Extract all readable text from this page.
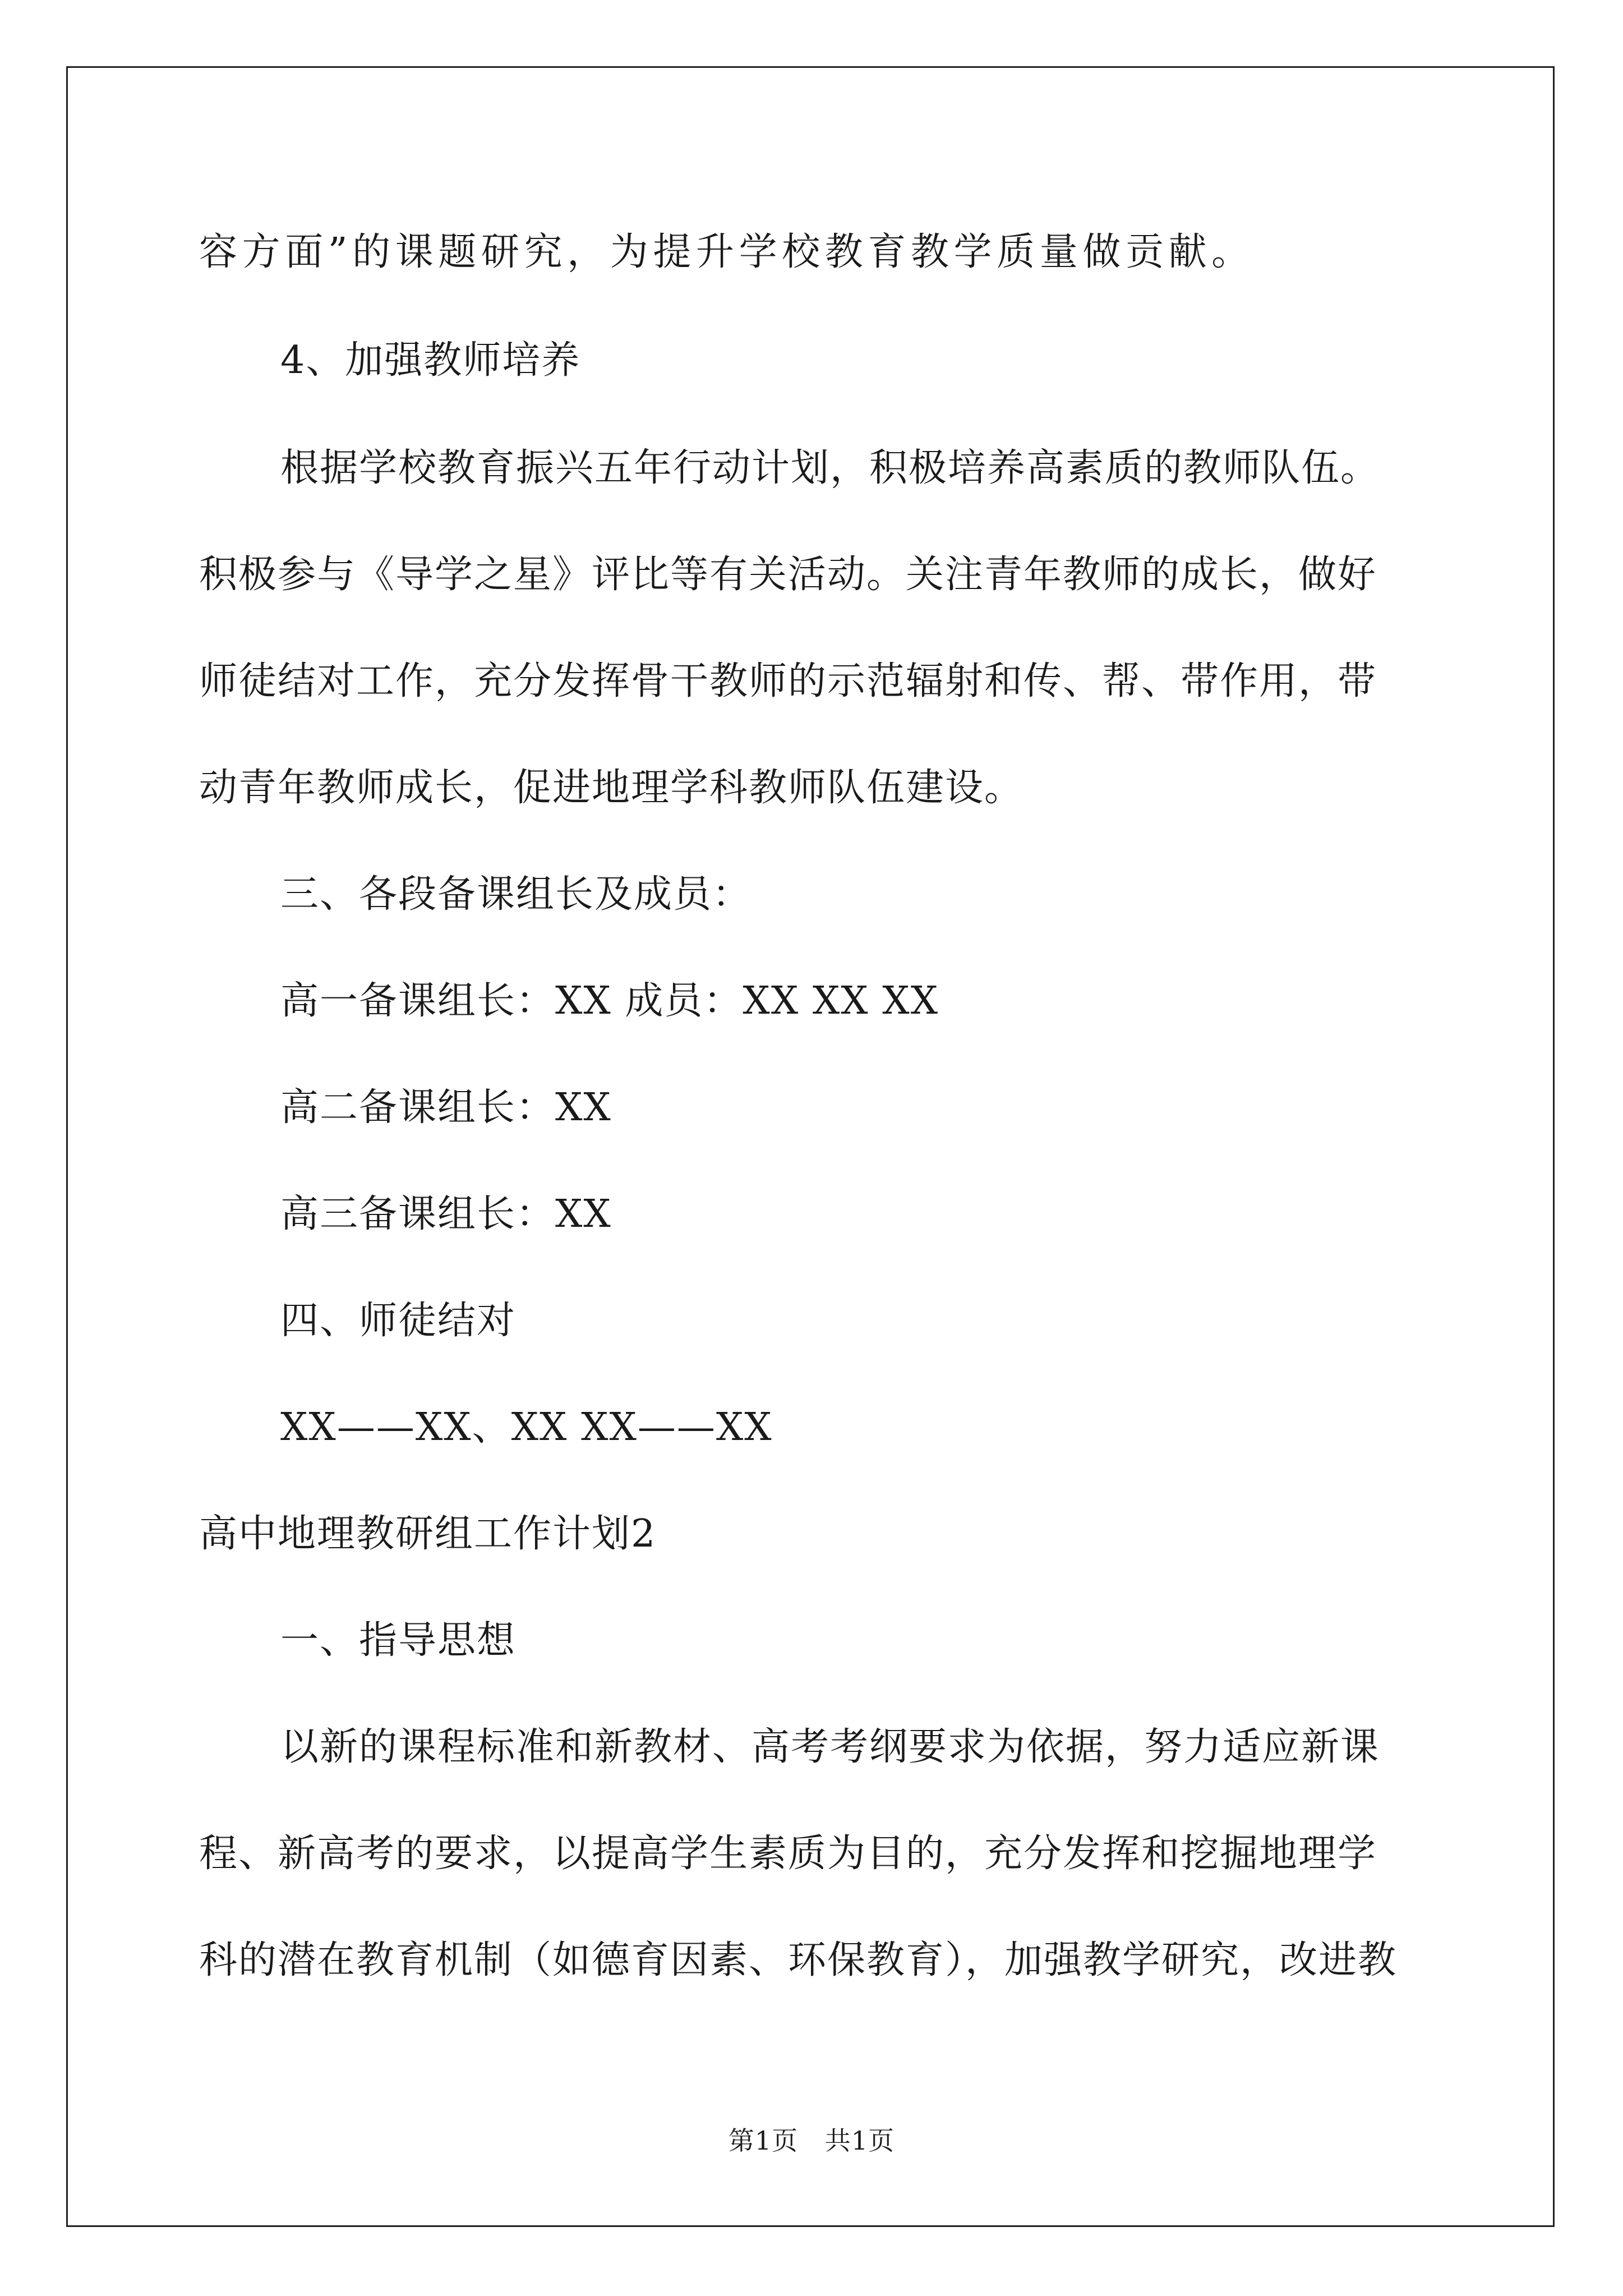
容方面”的课题研究，为提升学校教育教学质量做贡献。
4、加强教师培养
根据学校教育振兴五年行动计划，积极培养高素质的教师队伍。
积极参与《导学之星》评比等有关活动。关注青年教师的成长，做好
师徒结对工作，充分发挥骨干教师的示范辐射和传、帮、带作用，带
动青年教师成长，促进地理学科教师队伍建设。
三、各段备课组长及成员：
高一备课组长：XX 成员：XX XX XX
高二备课组长：XX
高三备课组长：XX
四、师徒结对
XX——XX、XX XX——XX
高中地理教研组工作计划2
一、指导思想
以新的课程标准和新教材、高考考纲要求为依据，努力适应新课
程、新高考的要求，以提高学生素质为目的，充分发挥和挖掘地理学
科的潜在教育机制（如德育因素、环保教育），加强教学研究，改进教
第1页 共1页
